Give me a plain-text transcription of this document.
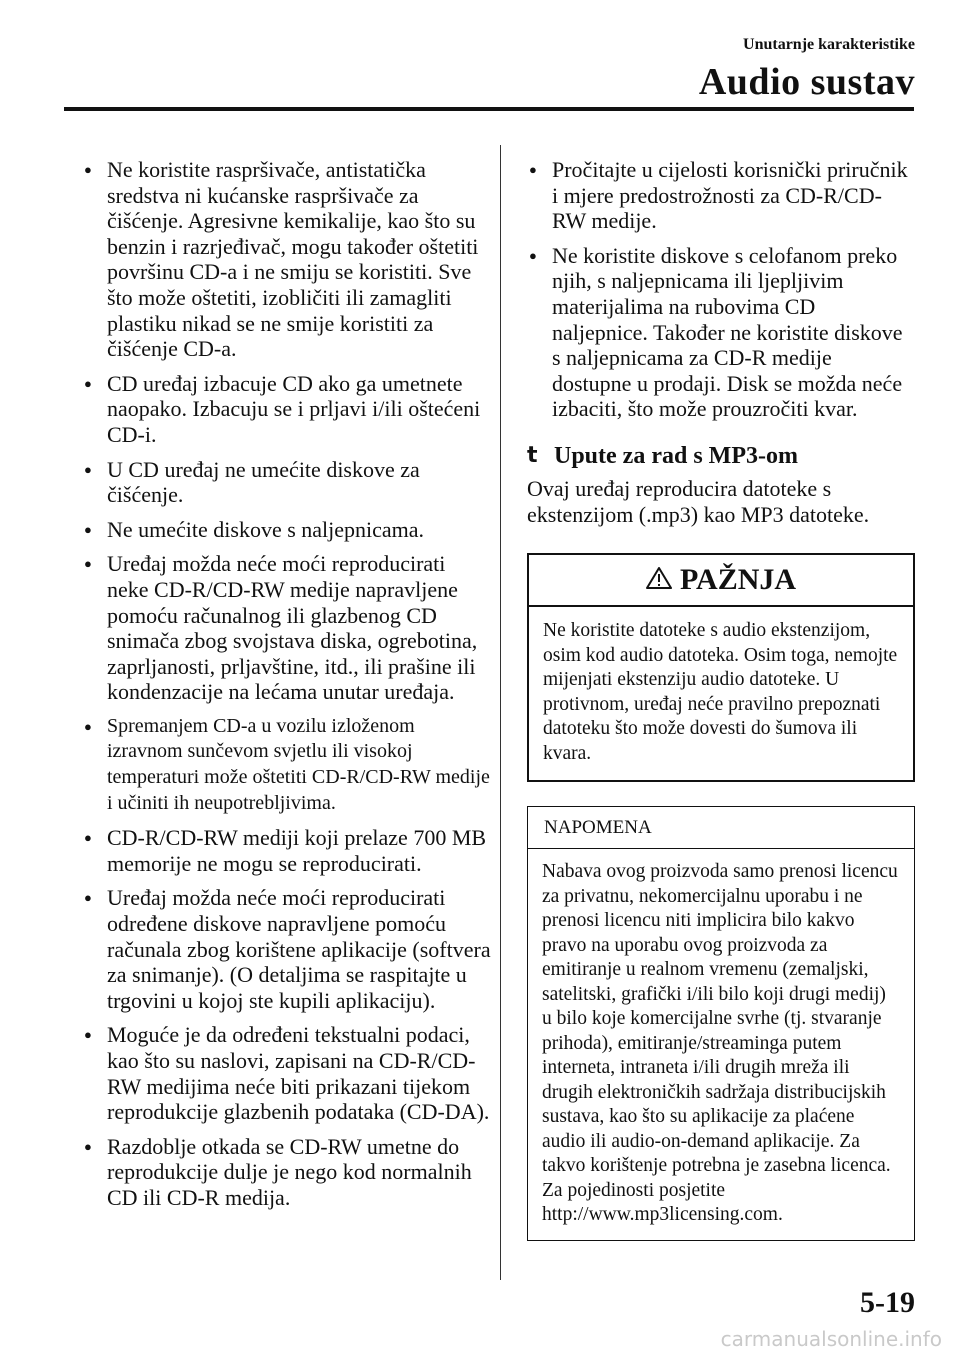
Unutarnje karakteristike
Audio sustav
● Ne koristite raspršivače, antistatička sredstva ni kućanske raspršivače za čišćenje. Agresivne kemikalije, kao što su benzin i razrjeđivač, mogu također oštetiti površinu CD-a i ne smiju se koristiti. Sve što može oštetiti, izobličiti ili zamagliti plastiku nikad se ne smije koristiti za čišćenje CD-a.
● CD uređaj izbacuje CD ako ga umetnete naopako. Izbacuju se i prljavi i/ili oštećeni CD-i.
● U CD uređaj ne umećite diskove za čišćenje.
● Ne umećite diskove s naljepnicama.
● Uređaj možda neće moći reproducirati neke CD-R/CD-RW medije napravljene pomoću računalnog ili glazbenog CD snimača zbog svojstava diska, ogrebotina, zaprljanosti, prljavštine, itd., ili prašine ili kondenzacije na lećama unutar uređaja.
● Spremanjem CD-a u vozilu izloženom izravnom sunčevom svjetlu ili visokoj temperaturi može oštetiti CD-R/CD-RW medije i učiniti ih neupotrebljivima.
● CD-R/CD-RW mediji koji prelaze 700 MB memorije ne mogu se reproducirati.
● Uređaj možda neće moći reproducirati određene diskove napravljene pomoću računala zbog korištene aplikacije (softvera za snimanje). (O detaljima se raspitajte u trgovini u kojoj ste kupili aplikaciju).
● Moguće je da određeni tekstualni podaci, kao što su naslovi, zapisani na CD-R/CD-RW medijima neće biti prikazani tijekom reprodukcije glazbenih podataka (CD-DA).
● Razdoblje otkada se CD-RW umetne do reprodukcije dulje je nego kod normalnih CD ili CD-R medija.
● Pročitajte u cijelosti korisnički priručnik i mjere predostrožnosti za CD-R/CD-RW medije.
● Ne koristite diskove s celofanom preko njih, s naljepnicama ili ljepljivim materijalima na rubovima CD naljepnice. Također ne koristite diskove s naljepnicama za CD-R medije dostupne u prodaji. Disk se možda neće izbaciti, što može prouzročiti kvar.
t Upute za rad s MP3-om

Ovaj uređaj reproducira datoteke s ekstenzijom (.mp3) kao MP3 datoteke.

PAŽNJA
Ne koristite datoteke s audio ekstenzijom, osim kod audio datoteka. Osim toga, nemojte mijenjati ekstenziju audio datoteke. U protivnom, uređaj neće pravilno prepoznati datoteku što može dovesti do šumova ili kvara.
NAPOMENA
Nabava ovog proizvoda samo prenosi licencu za privatnu, nekomercijalnu uporabu i ne prenosi licencu niti implicira bilo kakvo pravo na uporabu ovog proizvoda za emitiranje u realnom vremenu (zemaljski, satelitski, grafički i/ili bilo koji drugi medij) u bilo koje komercijalne svrhe (tj. stvaranje prihoda), emitiranje/streaminga putem interneta, intraneta i/ili drugih mreža ili drugih elektroničkih sadržaja distribucijskih sustava, kao što su aplikacije za plaćene audio ili audio-on-demand aplikacije. Za takvo korištenje potrebna je zasebna licenca.
Za pojedinosti posjetite
http://www.mp3licensing.com.
5-19
carmanualsonline.info
